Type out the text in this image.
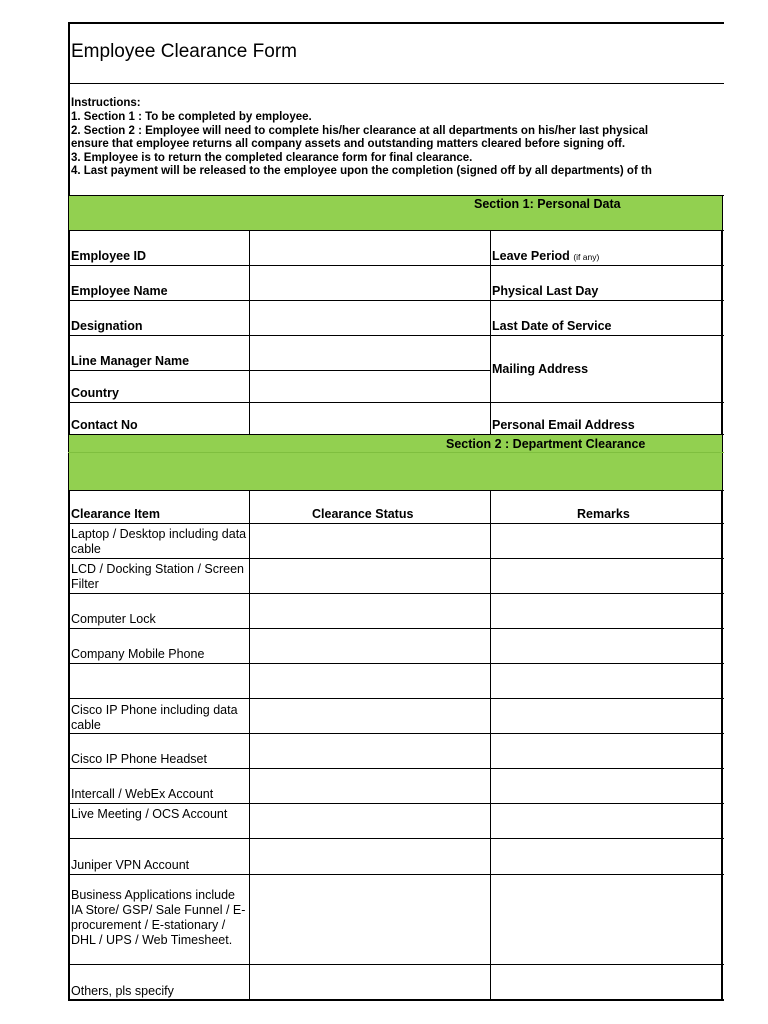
Employee Clearance Form
Instructions:
1. Section 1 : To be completed by employee.
2. Section 2 : Employee will need to complete his/her clearance at all departments on his/her last physical
ensure that employee returns all company assets and outstanding matters cleared before signing off.
3. Employee is to return the completed clearance form for final clearance.
4. Last payment will be released to the employee upon the completion (signed off by all departments) of th
Section 1: Personal Data
Employee ID
Employee Name
Designation
Line Manager Name
Country
Contact No
Leave Period (if any)
Physical Last Day
Last Date of Service
Mailing Address
Personal Email Address
Section 2 : Department Clearance
Clearance Item	Clearance Status	Remarks
Laptop / Desktop including data cable
LCD / Docking Station / Screen Filter
Computer Lock
Company Mobile Phone
Cisco IP Phone including data cable
Cisco IP Phone Headset
Intercall / WebEx Account
Live Meeting / OCS Account
Juniper VPN Account
Business Applications include IA Store/ GSP/ Sale Funnel / E-procurement / E-stationary / DHL / UPS / Web Timesheet.
Others, pls specify
